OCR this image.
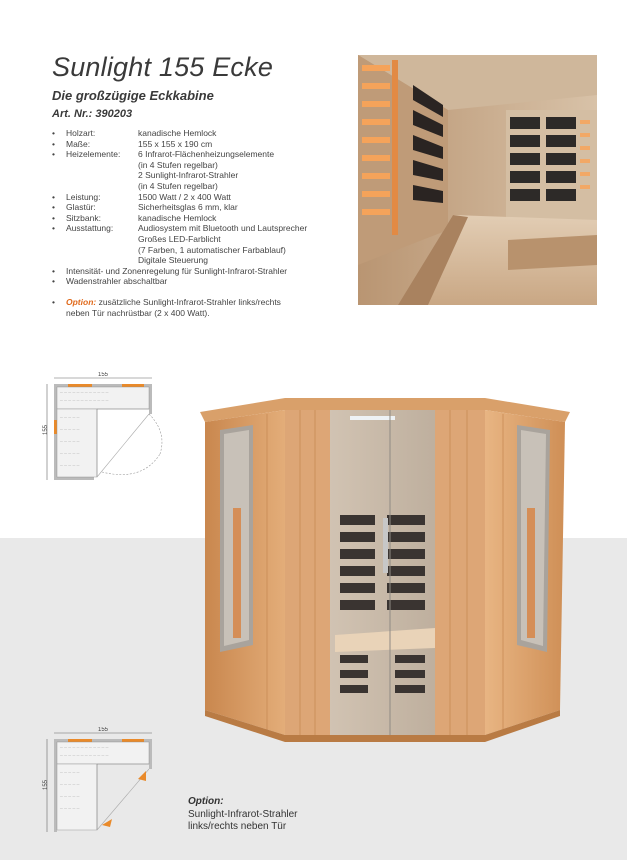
Sunlight 155 Ecke
Die großzügige Eckkabine
Art. Nr.: 390203
•	Holzart:	kanadische Hemlock
•	Maße:	155 x 155 x 190 cm
•	Heizelemente:	6 Infrarot-Flächenheizungselemente
(in 4 Stufen regelbar)
2 Sunlight-Infrarot-Strahler
(in 4 Stufen regelbar)
•	Leistung:	1500 Watt / 2 x 400 Watt
•	Glastür:	Sicherheitsglas 6 mm, klar
•	Sitzbank:	kanadische Hemlock
•	Ausstattung:	Audiosystem mit Bluetooth und Lautsprecher
Großes LED-Farblicht
(7 Farben, 1 automatischer Farbablauf)
Digitale Steuerung
•	Intensität- und Zonenregelung für Sunlight-Infrarot-Strahler
•	Wadenstrahler abschaltbar
•	Option: zusätzliche Sunlight-Infrarot-Strahler links/rechts
neben Tür nachrüstbar (2 x 400 Watt).
155
155
¯ ¯ ¯ ¯ ¯ ¯ ¯ ¯ ¯ ¯ ¯ ¯
¯ ¯ ¯ ¯ ¯ ¯ ¯ ¯ ¯ ¯ ¯ ¯
¯ ¯ ¯ ¯ ¯
¯ ¯ ¯ ¯ ¯
¯ ¯ ¯ ¯ ¯
¯ ¯ ¯ ¯ ¯
¯ ¯ ¯ ¯ ¯
155
155
¯ ¯ ¯ ¯ ¯ ¯ ¯ ¯ ¯ ¯ ¯ ¯
¯ ¯ ¯ ¯ ¯ ¯ ¯ ¯ ¯ ¯ ¯ ¯
¯ ¯ ¯ ¯ ¯
¯ ¯ ¯ ¯ ¯
¯ ¯ ¯ ¯ ¯
¯ ¯ ¯ ¯ ¯
Option:
Sunlight-Infrarot-Strahler
links/rechts neben Tür
